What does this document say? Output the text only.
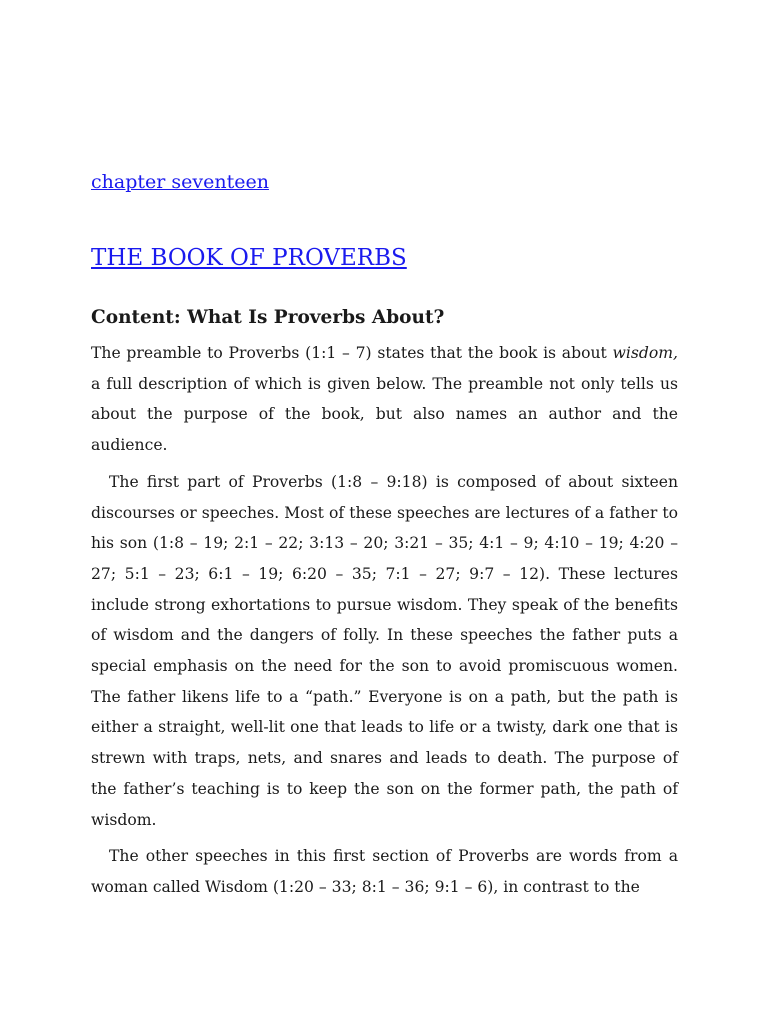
chapter seventeen
THE BOOK OF PROVERBS
Content: What Is Proverbs About?

The preamble to Proverbs (1:1 – 7) states that the book is about wisdom, a full description of which is given below. The preamble not only tells us about the purpose of the book, but also names an author and the audience.

The first part of Proverbs (1:8 – 9:18) is composed of about sixteen discourses or speeches. Most of these speeches are lectures of a father to his son (1:8 – 19; 2:1 – 22; 3:13 – 20; 3:21 – 35; 4:1 – 9; 4:10 – 19; 4:20 – 27; 5:1 – 23; 6:1 – 19; 6:20 – 35; 7:1 – 27; 9:7 – 12). These lectures include strong exhortations to pursue wisdom. They speak of the benefits of wisdom and the dangers of folly. In these speeches the father puts a special emphasis on the need for the son to avoid promiscuous women. The father likens life to a “path.” Everyone is on a path, but the path is either a straight, well-lit one that leads to life or a twisty, dark one that is strewn with traps, nets, and snares and leads to death. The purpose of the father’s teaching is to keep the son on the former path, the path of wisdom.

The other speeches in this first section of Proverbs are words from a woman called Wisdom (1:20 – 33; 8:1 – 36; 9:1 – 6), in contrast to the
